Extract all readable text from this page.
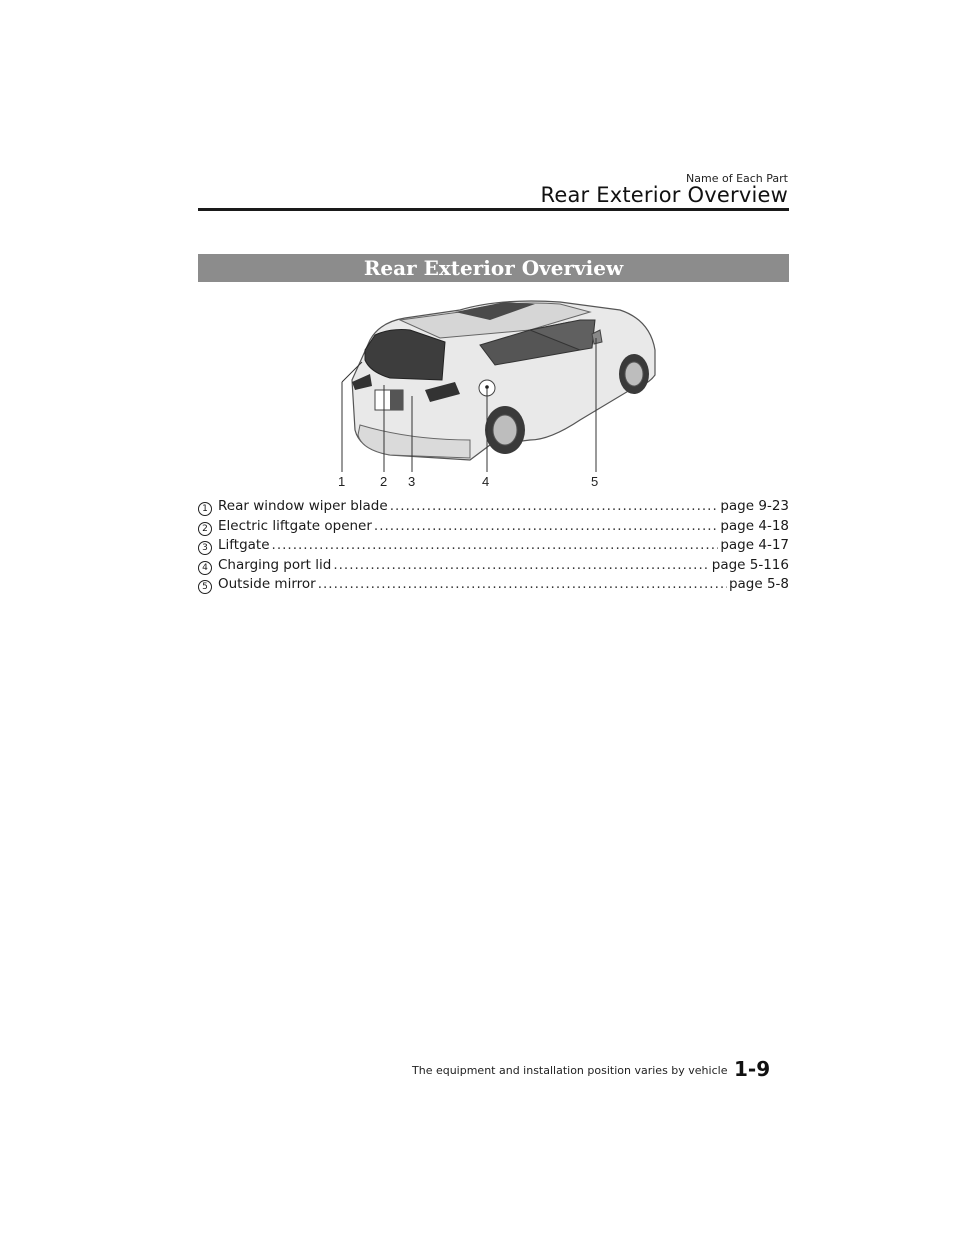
Name of Each Part
Rear Exterior Overview
Rear Exterior Overview
1	2 3	4	5
1 Rear window wiper blade .....	page 9-23
2 Electric liftgate opener .....	page 4-18
3 Liftgate .....	page 4-17
4 Charging port lid .....	page 5-116
5 Outside mirror .....	page 5-8
The equipment and installation position varies by vehicle 1-9
